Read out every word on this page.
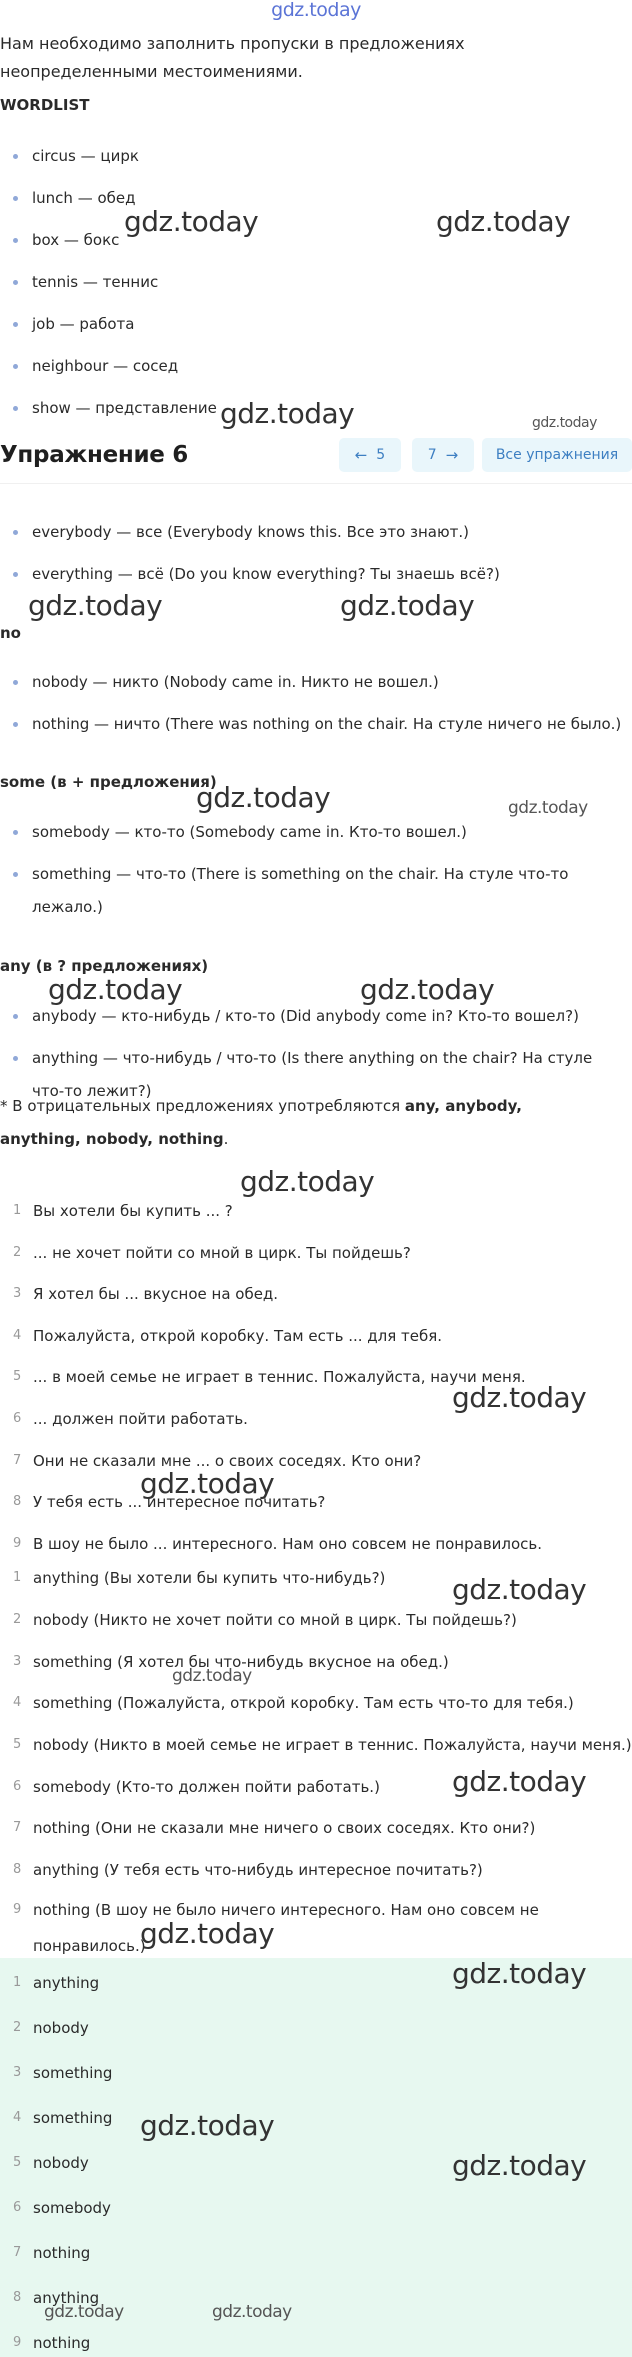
gdz.today
Нам необходимо заполнить пропуски в предложениях неопределенными местоимениями.
WORDLIST
circus — цирк
lunch — обед
box — бокс
tennis — теннис
job — работа
neighbour — сосед
show — представление
Упражнение 6	←
5	7
→	Все упражнения
everybody — все (Everybody knows this. Все это знают.)
everything — всё (Do you know everything? Ты знаешь всё?)
no
nobody — никто (Nobody came in. Никто не вошел.)
nothing — ничто (There was nothing on the chair. На стуле ничего не было.)
some (в + предложения)
somebody — кто-то (Somebody came in. Кто-то вошел.)
something — что-то (There is something on the chair. На стуле что-то лежало.)
any (в ? предложениях)
anybody — кто-нибудь / кто-то (Did anybody come in? Кто-то вошел?)
anything — что-нибудь / что-то (Is there anything on the chair? На стуле что-то лежит?)
* В отрицательных предложениях употребляются any, anybody, anything, nobody, nothing.
1 Вы хотели бы купить ... ?
2 ... не хочет пойти со мной в цирк. Ты пойдешь?
3 Я хотел бы ... вкусное на обед.
4 Пожалуйста, открой коробку. Там есть ... для тебя.
5 ... в моей семье не играет в теннис. Пожалуйста, научи меня.
6 ... должен пойти работать.
7 Они не сказали мне ... о своих соседях. Кто они?
8 У тебя есть ... интересное почитать?
9 В шоу не было ... интересного. Нам оно совсем не понравилось.
1 anything (Вы хотели бы купить что-нибудь?)
2 nobody (Никто не хочет пойти со мной в цирк. Ты пойдешь?)
3 something (Я хотел бы что-нибудь вкусное на обед.)
4 something (Пожалуйста, открой коробку. Там есть что-то для тебя.)
5 nobody (Никто в моей семье не играет в теннис. Пожалуйста, научи меня.)
6 somebody (Кто-то должен пойти работать.)
7 nothing (Они не сказали мне ничего о своих соседях. Кто они?)
8 anything (У тебя есть что-нибудь интересное почитать?)
9 nothing (В шоу не было ничего интересного. Нам оно совсем не понравилось.)
1 anything
2 nobody
3 something
4 something
5 nobody
6 somebody
7 nothing
8 anything
9 nothing
gdz.today	gdz.today
gdz.today	gdz.today
gdz.today	gdz.today
gdz.today	gdz.today
gdz.today	gdz.today
gdz.today
gdz.today
gdz.today
gdz.today
gdz.today
gdz.today
gdz.today
gdz.today
gdz.today
gdz.today
gdz.today	gdz.today
